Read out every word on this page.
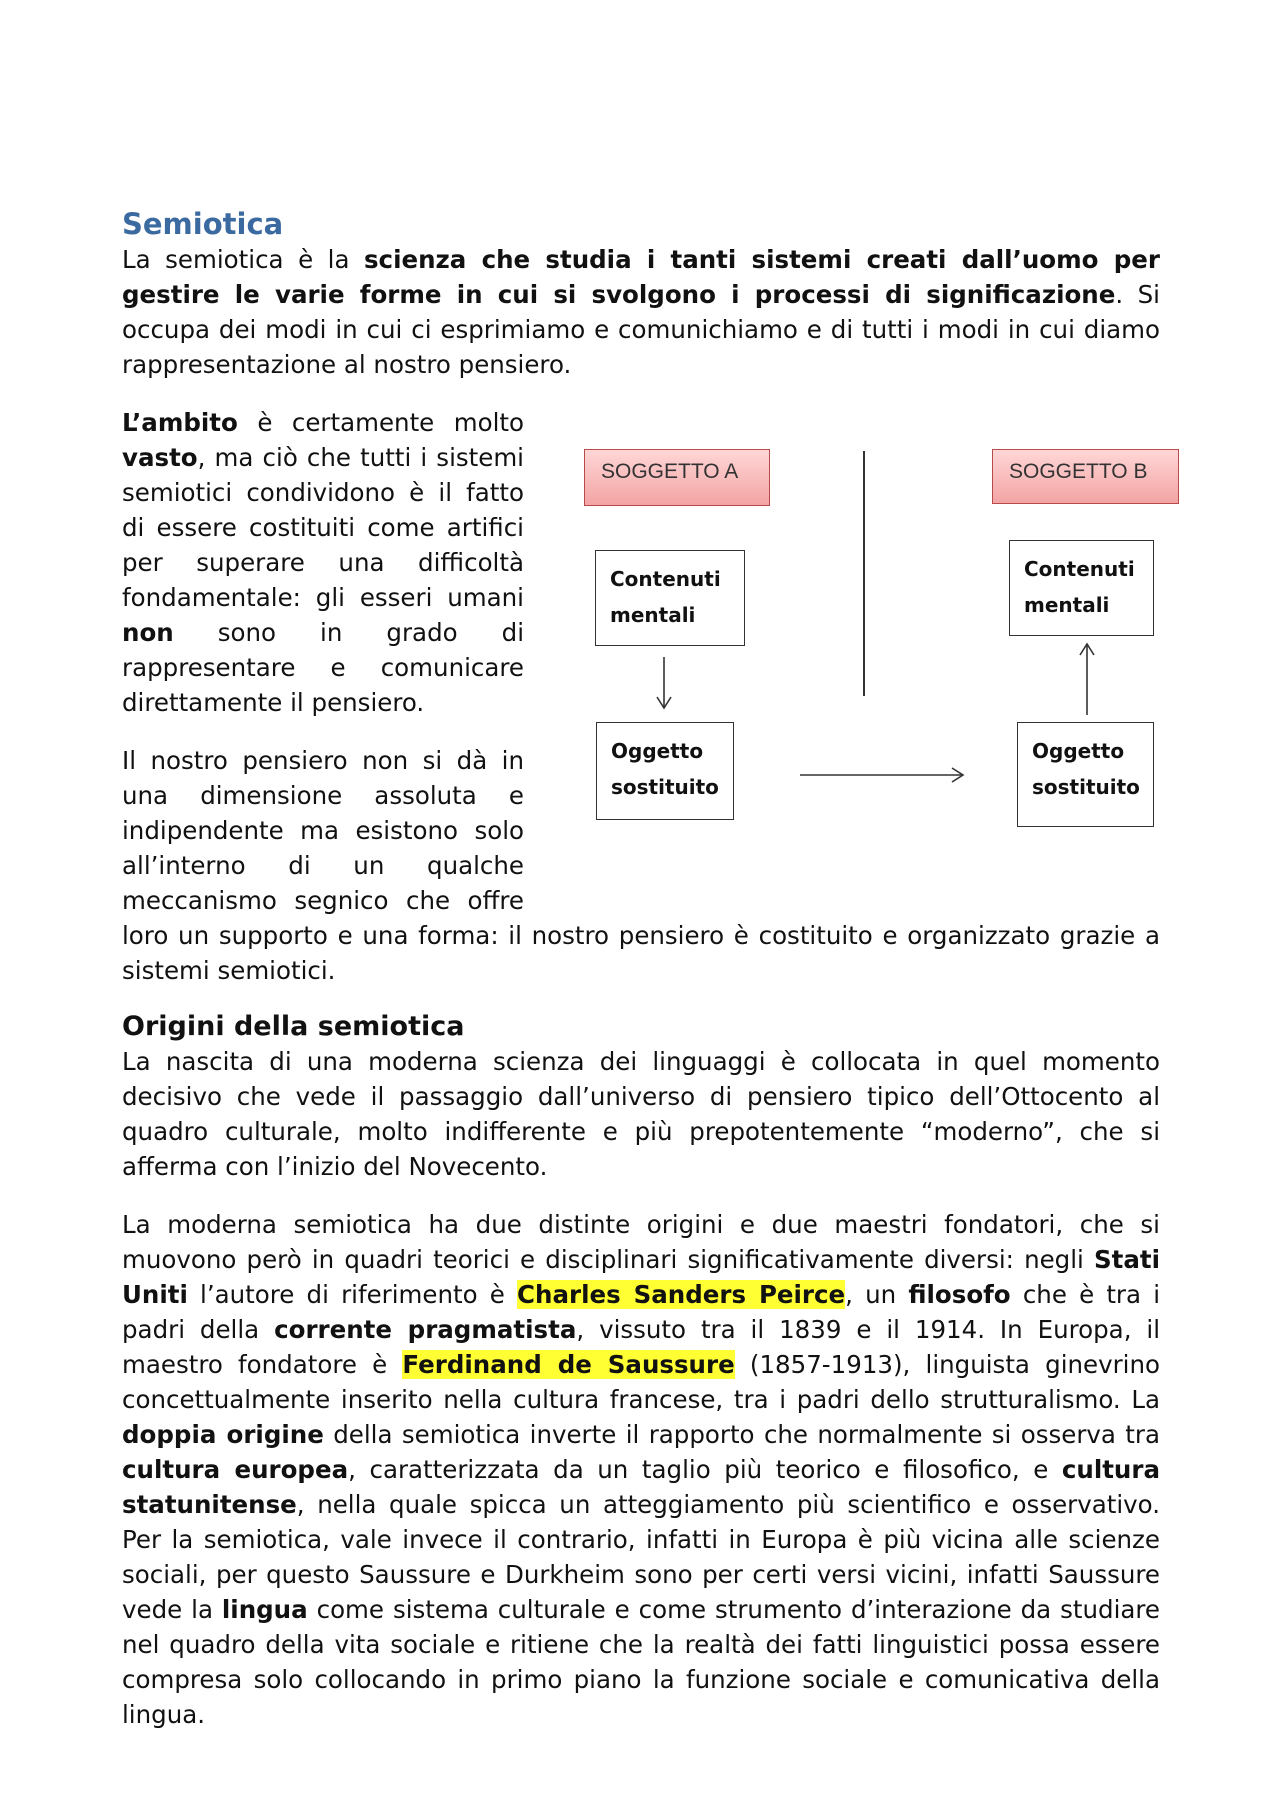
Semiotica

La semiotica è la scienza che studia i tanti sistemi creati dall’uomo per gestire le varie forme in cui si svolgono i processi di significazione. Si occupa dei modi in cui ci esprimiamo e comunichiamo e di tutti i modi in cui diamo rappresentazione al nostro pensiero.

L’ambito è certamente molto vasto, ma ciò che tutti i sistemi semiotici condividono è il fatto di essere costituiti come artifici per superare una difficoltà fondamentale: gli esseri umani non sono in grado di rappresentare e comunicare direttamente il pensiero.

Il nostro pensiero non si dà in una dimensione assoluta e indipendente ma esistono solo all’interno di un qualche meccanismo segnico che offre loro un supporto e una forma: il nostro pensiero è costituito e organizzato grazie a sistemi semiotici.

Origini della semiotica

La nascita di una moderna scienza dei linguaggi è collocata in quel momento decisivo che vede il passaggio dall’universo di pensiero tipico dell’Ottocento al quadro culturale, molto indifferente e più prepotentemente “moderno”, che si afferma con l’inizio del Novecento.

La moderna semiotica ha due distinte origini e due maestri fondatori, che si muovono però in quadri teorici e disciplinari significativamente diversi: negli Stati Uniti l’autore di riferimento è Charles Sanders Peirce, un filosofo che è tra i padri della corrente pragmatista, vissuto tra il 1839 e il 1914. In Europa, il maestro fondatore è Ferdinand de Saussure (1857-1913), linguista ginevrino concettualmente inserito nella cultura francese, tra i padri dello strutturalismo. La doppia origine della semiotica inverte il rapporto che normalmente si osserva tra cultura europea, caratterizzata da un taglio più teorico e filosofico, e cultura statunitense, nella quale spicca un atteggiamento più scientifico e osservativo. Per la semiotica, vale invece il contrario, infatti in Europa è più vicina alle scienze sociali, per questo Saussure e Durkheim sono per certi versi vicini, infatti Saussure vede la lingua come sistema culturale e come strumento d’interazione da studiare nel quadro della vita sociale e ritiene che la realtà dei fatti linguistici possa essere compresa solo collocando in primo piano la funzione sociale e comunicativa della lingua.

SOGGETTO A	SOGGETTO B
Contenuti
mentali
Contenuti
mentali
Oggetto
sostituito
Oggetto
sostituito
